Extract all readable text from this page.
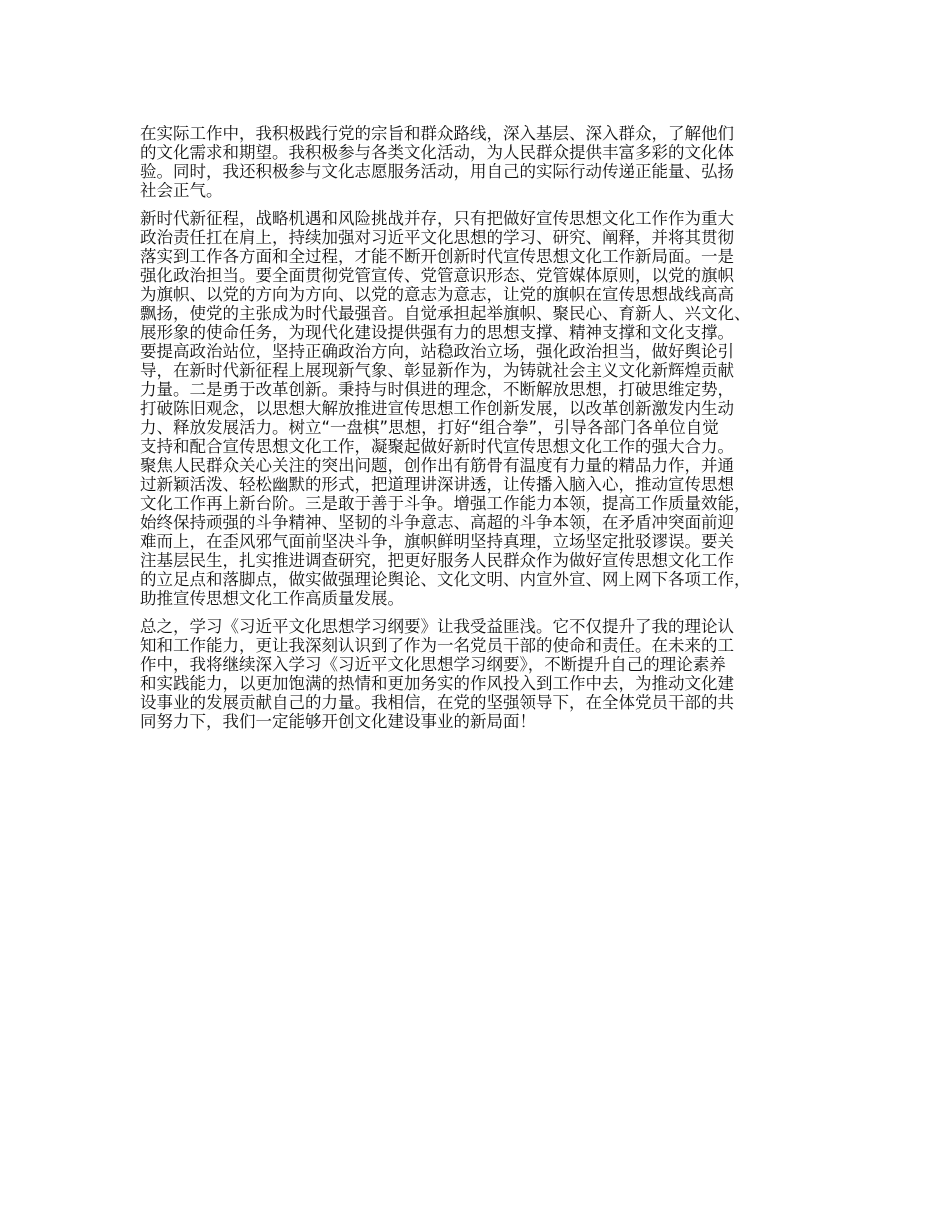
在实际工作中，我积极践行党的宗旨和群众路线，深入基层、深入群众，了解他们
的文化需求和期望。我积极参与各类文化活动，为人民群众提供丰富多彩的文化体
验。同时，我还积极参与文化志愿服务活动，用自己的实际行动传递正能量、弘扬
社会正气。

新时代新征程，战略机遇和风险挑战并存，只有把做好宣传思想文化工作作为重大
政治责任扛在肩上，持续加强对习近平文化思想的学习、研究、阐释，并将其贯彻
落实到工作各方面和全过程，才能不断开创新时代宣传思想文化工作新局面。一是
强化政治担当。要全面贯彻党管宣传、党管意识形态、党管媒体原则，以党的旗帜
为旗帜、以党的方向为方向、以党的意志为意志，让党的旗帜在宣传思想战线高高
飘扬，使党的主张成为时代最强音。自觉承担起举旗帜、聚民心、育新人、兴文化、
展形象的使命任务，为现代化建设提供强有力的思想支撑、精神支撑和文化支撑。
要提高政治站位，坚持正确政治方向，站稳政治立场，强化政治担当，做好舆论引
导，在新时代新征程上展现新气象、彰显新作为，为铸就社会主义文化新辉煌贡献
力量。二是勇于改革创新。秉持与时俱进的理念，不断解放思想，打破思维定势，
打破陈旧观念，以思想大解放推进宣传思想工作创新发展，以改革创新激发内生动
力、释放发展活力。树立“一盘棋”思想，打好“组合拳”，引导各部门各单位自觉
支持和配合宣传思想文化工作，凝聚起做好新时代宣传思想文化工作的强大合力。
聚焦人民群众关心关注的突出问题，创作出有筋骨有温度有力量的精品力作，并通
过新颖活泼、轻松幽默的形式，把道理讲深讲透，让传播入脑入心，推动宣传思想
文化工作再上新台阶。三是敢于善于斗争。增强工作能力本领，提高工作质量效能，
始终保持顽强的斗争精神、坚韧的斗争意志、高超的斗争本领，在矛盾冲突面前迎
难而上，在歪风邪气面前坚决斗争，旗帜鲜明坚持真理，立场坚定批驳谬误。要关
注基层民生，扎实推进调查研究，把更好服务人民群众作为做好宣传思想文化工作
的立足点和落脚点，做实做强理论舆论、文化文明、内宣外宣、网上网下各项工作，
助推宣传思想文化工作高质量发展。

总之，学习《习近平文化思想学习纲要》让我受益匪浅。它不仅提升了我的理论认
知和工作能力，更让我深刻认识到了作为一名党员干部的使命和责任。在未来的工
作中，我将继续深入学习《习近平文化思想学习纲要》，不断提升自己的理论素养
和实践能力，以更加饱满的热情和更加务实的作风投入到工作中去，为推动文化建
设事业的发展贡献自己的力量。我相信，在党的坚强领导下，在全体党员干部的共
同努力下，我们一定能够开创文化建设事业的新局面！
